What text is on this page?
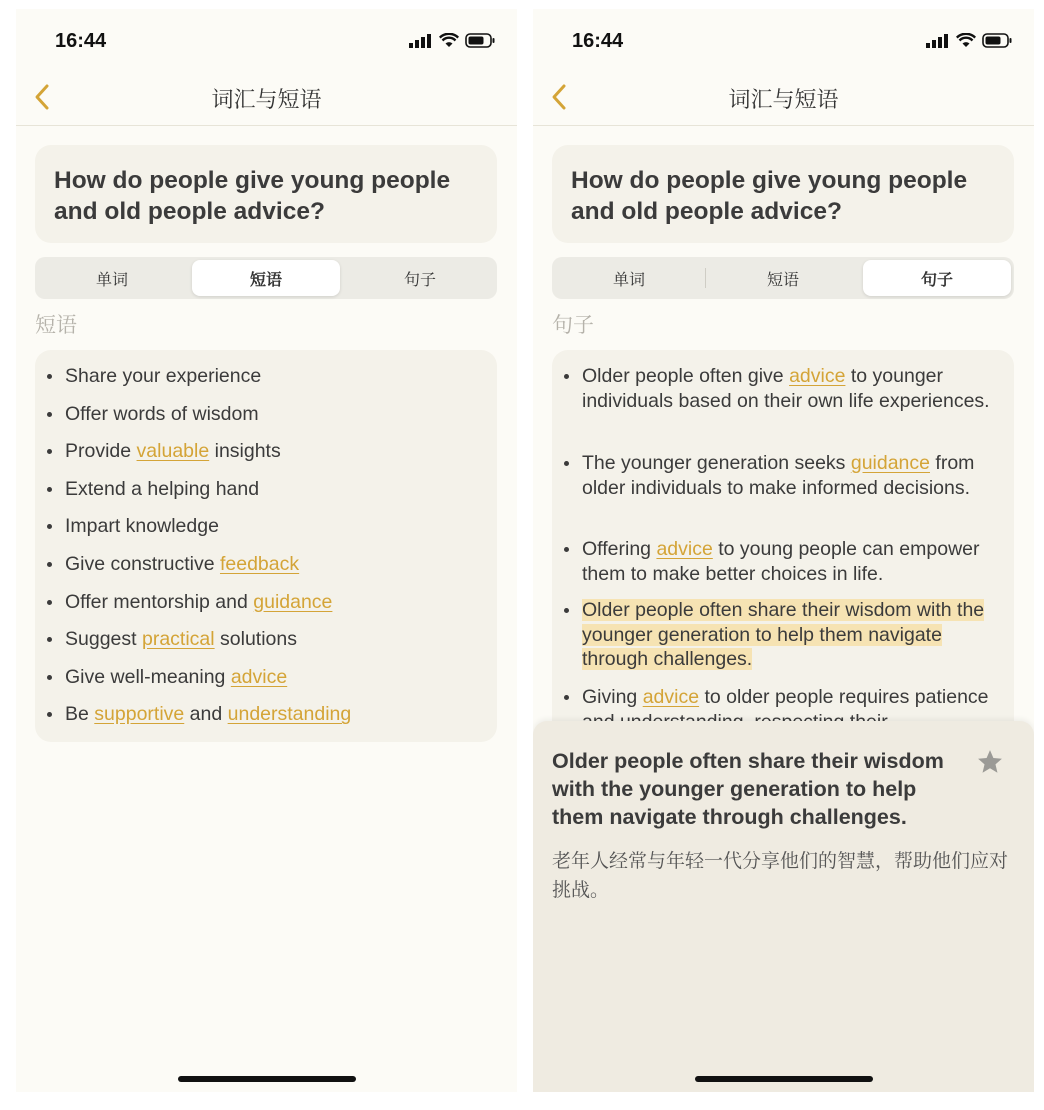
16:44
词汇与短语
How do people give young people and old people advice?
单词	短语	句子
短语
Share your experience
Offer words of wisdom
Provide valuable insights
Extend a helping hand
Impart knowledge
Give constructive feedback
Offer mentorship and guidance
Suggest practical solutions
Give well-meaning advice
Be supportive and understanding
16:44
词汇与短语
How do people give young people and old people advice?
单词	短语	句子
句子
Older people often give advice to younger individuals based on their own life experiences.
The younger generation seeks guidance from older individuals to make informed decisions.
Offering advice to young people can empower them to make better choices in life.
Older people often share their wisdom with the younger generation to help them navigate through challenges.
Giving advice to older people requires patience
Older people often share their wisdom with the younger generation to help them navigate through challenges.
老年人经常与年轻一代分享他们的智慧，帮助他们应对挑战。
